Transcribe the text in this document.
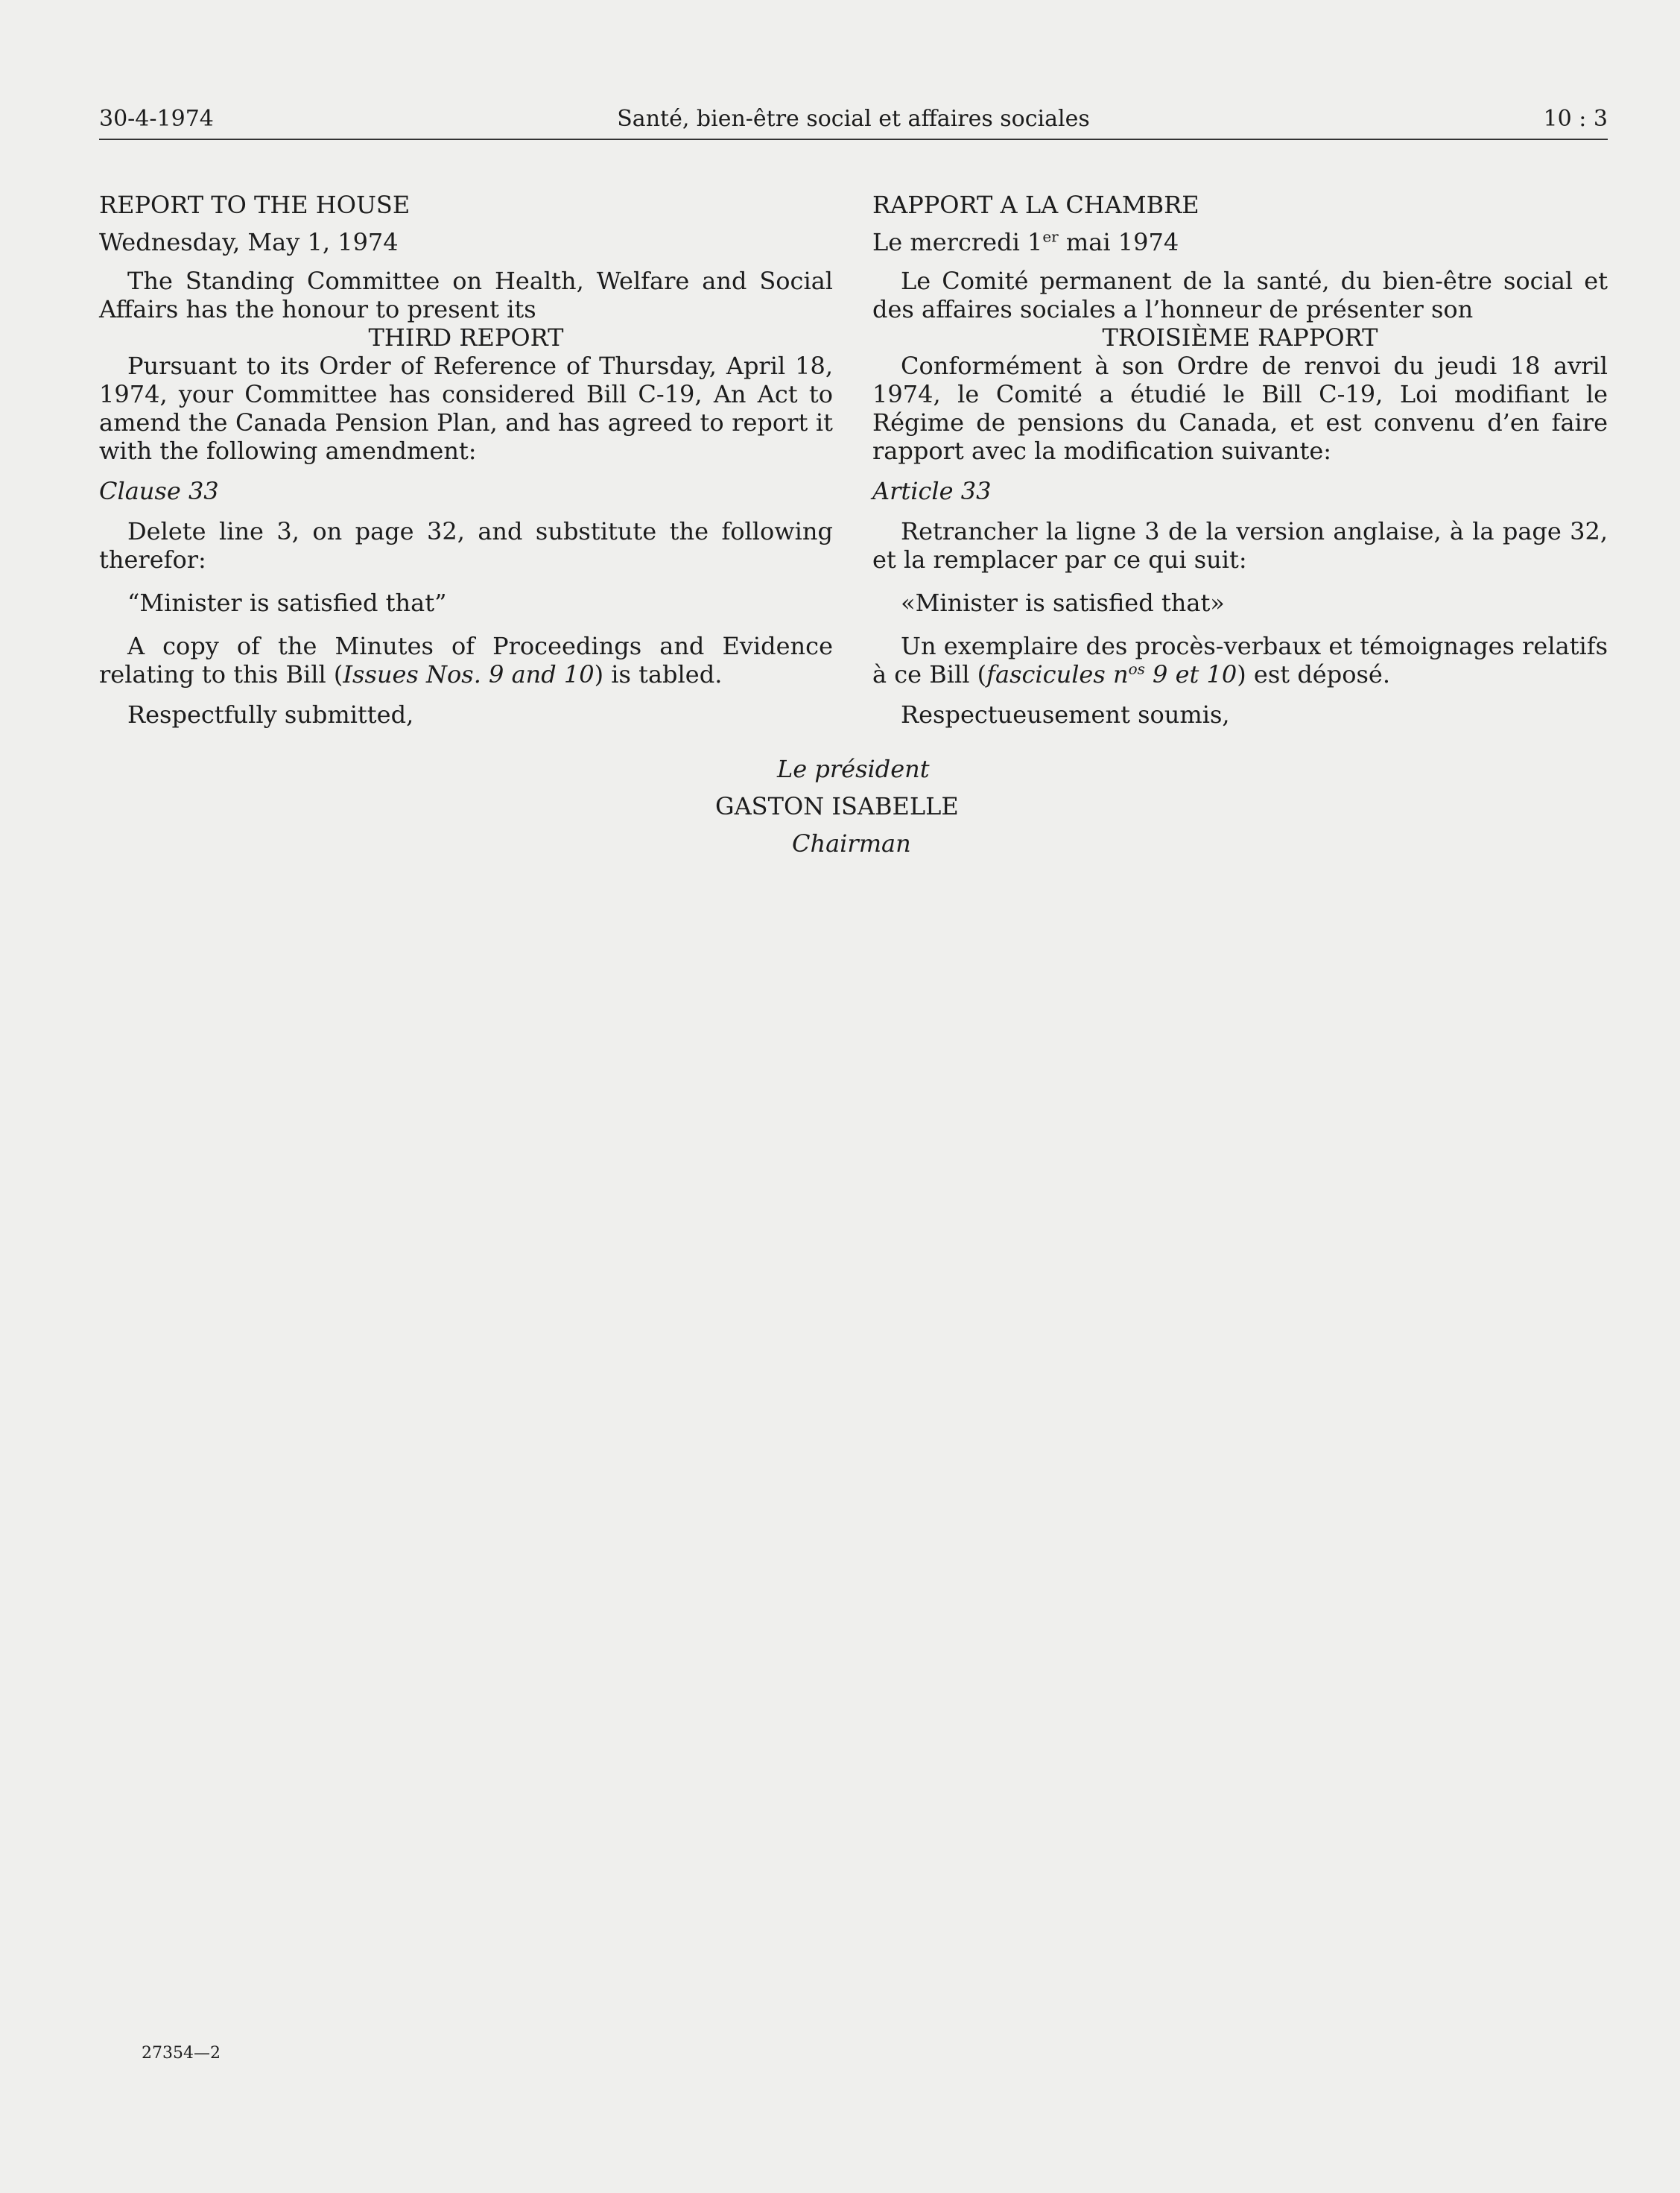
30-4-1974	Santé, bien-être social et affaires sociales	10 : 3

REPORT TO THE HOUSE

Wednesday, May 1, 1974

The Standing Committee on Health, Welfare and Social Affairs has the honour to present its

THIRD REPORT

Pursuant to its Order of Reference of Thursday, April 18, 1974, your Committee has considered Bill C-19, An Act to amend the Canada Pension Plan, and has agreed to report it with the following amendment:

Clause 33

Delete line 3, on page 32, and substitute the following therefor:

“Minister is satisfied that”

A copy of the Minutes of Proceedings and Evidence relating to this Bill (Issues Nos. 9 and 10) is tabled.

Respectfully submitted,

RAPPORT A LA CHAMBRE

Le mercredi 1er mai 1974

Le Comité permanent de la santé, du bien-être social et des affaires sociales a l’honneur de présenter son

TROISIÈME RAPPORT

Conformément à son Ordre de renvoi du jeudi 18 avril 1974, le Comité a étudié le Bill C-19, Loi modifiant le Régime de pensions du Canada, et est convenu d’en faire rapport avec la modification suivante:

Article 33

Retrancher la ligne 3 de la version anglaise, à la page 32, et la remplacer par ce qui suit:

«Minister is satisfied that»

Un exemplaire des procès-verbaux et témoignages relatifs à ce Bill (fascicules $n^{os}$ 9 et 10) est déposé.

Respectueusement soumis,

Le président
GASTON ISABELLE
Chairman
27354—2
